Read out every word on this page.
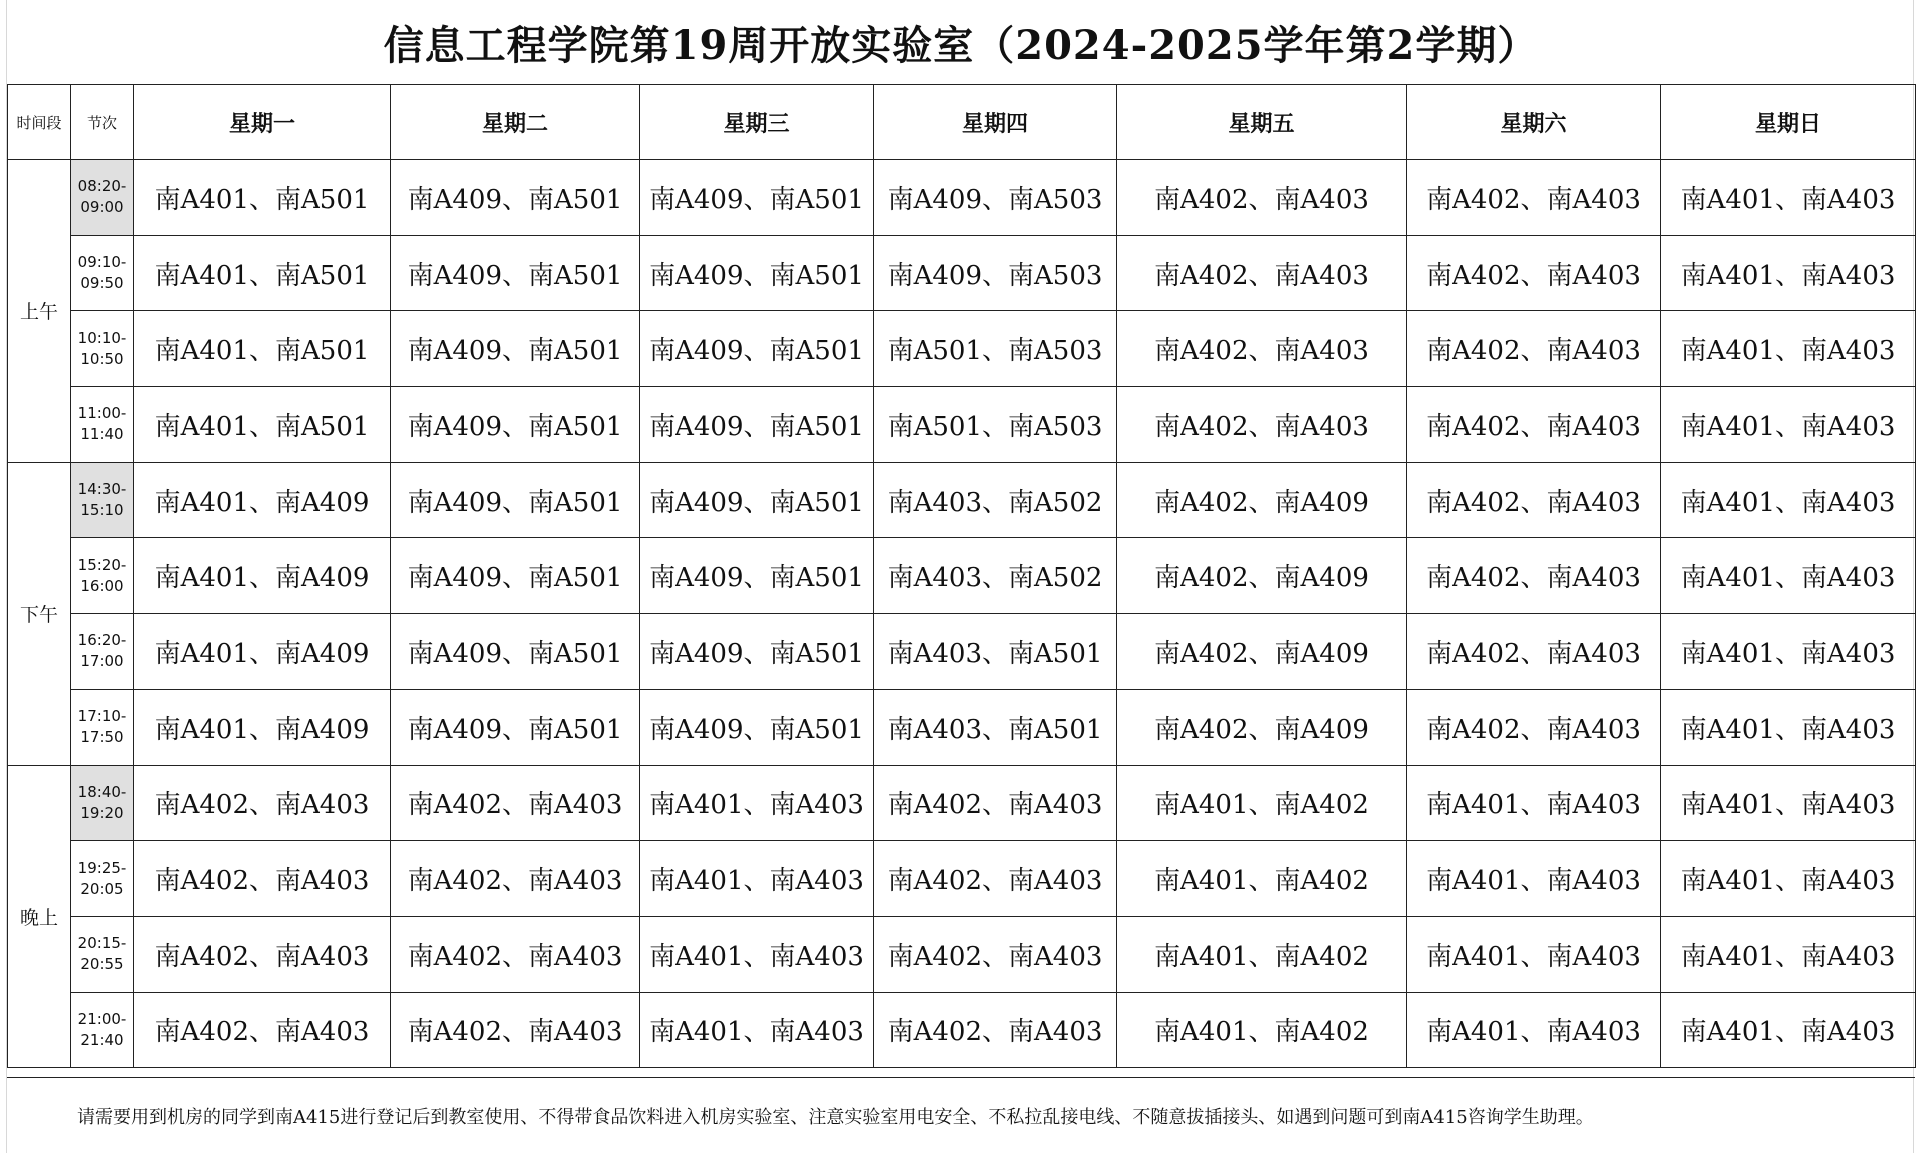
信息工程学院第19周开放实验室（2024-2025学年第2学期）
时间段	节次	星期一	星期二	星期三	星期四	星期五	星期六	星期日
上午	08:20-
09:00	南A401、南A501	南A409、南A501	南A409、南A501	南A409、南A503	南A402、南A403	南A402、南A403	南A401、南A403

	09:10-
09:50	南A401、南A501	南A409、南A501	南A409、南A501	南A409、南A503	南A402、南A403	南A402、南A403	南A401、南A403

	10:10-
10:50	南A401、南A501	南A409、南A501	南A409、南A501	南A501、南A503	南A402、南A403	南A402、南A403	南A401、南A403

	11:00-
11:40	南A401、南A501	南A409、南A501	南A409、南A501	南A501、南A503	南A402、南A403	南A402、南A403	南A401、南A403
下午	14:30-
15:10	南A401、南A409	南A409、南A501	南A409、南A501	南A403、南A502	南A402、南A409	南A402、南A403	南A401、南A403

	15:20-
16:00	南A401、南A409	南A409、南A501	南A409、南A501	南A403、南A502	南A402、南A409	南A402、南A403	南A401、南A403

	16:20-
17:00	南A401、南A409	南A409、南A501	南A409、南A501	南A403、南A501	南A402、南A409	南A402、南A403	南A401、南A403

	17:10-
17:50	南A401、南A409	南A409、南A501	南A409、南A501	南A403、南A501	南A402、南A409	南A402、南A403	南A401、南A403
晚上	18:40-
19:20	南A402、南A403	南A402、南A403	南A401、南A403	南A402、南A403	南A401、南A402	南A401、南A403	南A401、南A403

	19:25-
20:05	南A402、南A403	南A402、南A403	南A401、南A403	南A402、南A403	南A401、南A402	南A401、南A403	南A401、南A403

	20:15-
20:55	南A402、南A403	南A402、南A403	南A401、南A403	南A402、南A403	南A401、南A402	南A401、南A403	南A401、南A403

	21:00-
21:40	南A402、南A403	南A402、南A403	南A401、南A403	南A402、南A403	南A401、南A402	南A401、南A403	南A401、南A403
请需要用到机房的同学到南A415进行登记后到教室使用、不得带食品饮料进入机房实验室、注意实验室用电安全、不私拉乱接电线、不随意拔插接头、如遇到问题可到南A415咨询学生助理。
